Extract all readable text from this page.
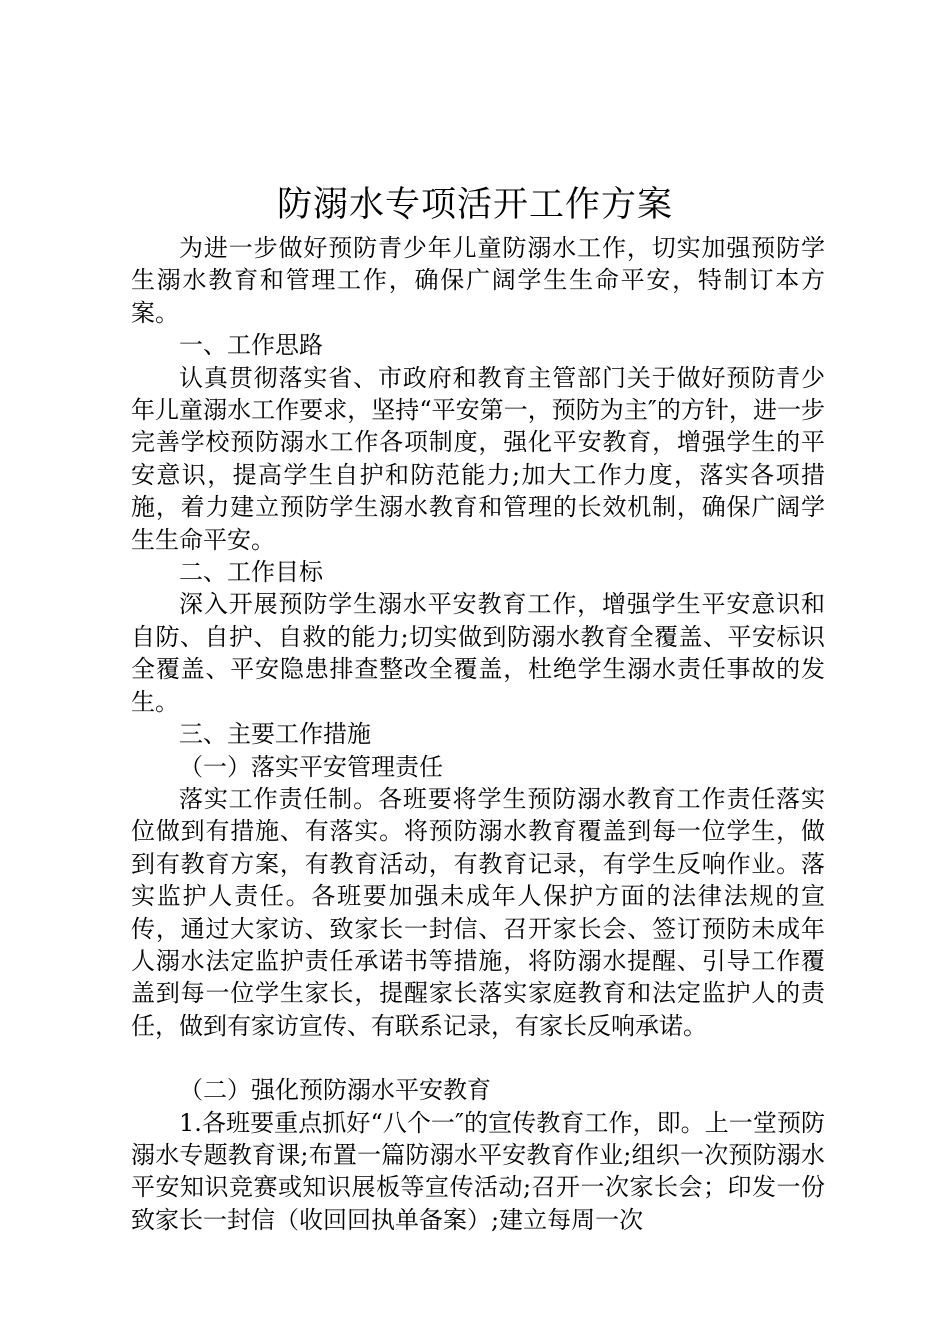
防溺水专项活开工作方案

为进一步做好预防青少年儿童防溺水工作，切实加强预防学生溺水教育和管理工作，确保广阔学生生命平安，特制订本方案。

一、工作思路

认真贯彻落实省、市政府和教育主管部门关于做好预防青少年儿童溺水工作要求，坚持“平安第一，预防为主″的方针，进一步完善学校预防溺水工作各项制度，强化平安教育，增强学生的平安意识，提高学生自护和防范能力;加大工作力度，落实各项措施，着力建立预防学生溺水教育和管理的长效机制，确保广阔学生生命平安。

二、工作目标

深入开展预防学生溺水平安教育工作，增强学生平安意识和自防、自护、自救的能力;切实做到防溺水教育全覆盖、平安标识全覆盖、平安隐患排查整改全覆盖，杜绝学生溺水责任事故的发生。

三、主要工作措施

（一）落实平安管理责任

落实工作责任制。各班要将学生预防溺水教育工作责任落实位做到有措施、有落实。将预防溺水教育覆盖到每一位学生，做到有教育方案，有教育活动，有教育记录，有学生反响作业。落实监护人责任。各班要加强未成年人保护方面的法律法规的宣传，通过大家访、致家长一封信、召开家长会、签订预防未成年人溺水法定监护责任承诺书等措施，将防溺水提醒、引导工作覆盖到每一位学生家长，提醒家长落实家庭教育和法定监护人的责任，做到有家访宣传、有联系记录，有家长反响承诺。

（二）强化预防溺水平安教育

1.各班要重点抓好“八个一″的宣传教育工作，即。上一堂预防溺水专题教育课;布置一篇防溺水平安教育作业;组织一次预防溺水平安知识竞赛或知识展板等宣传活动;召开一次家长会；印发一份致家长一封信（收回回执单备案）;建立每周一次
